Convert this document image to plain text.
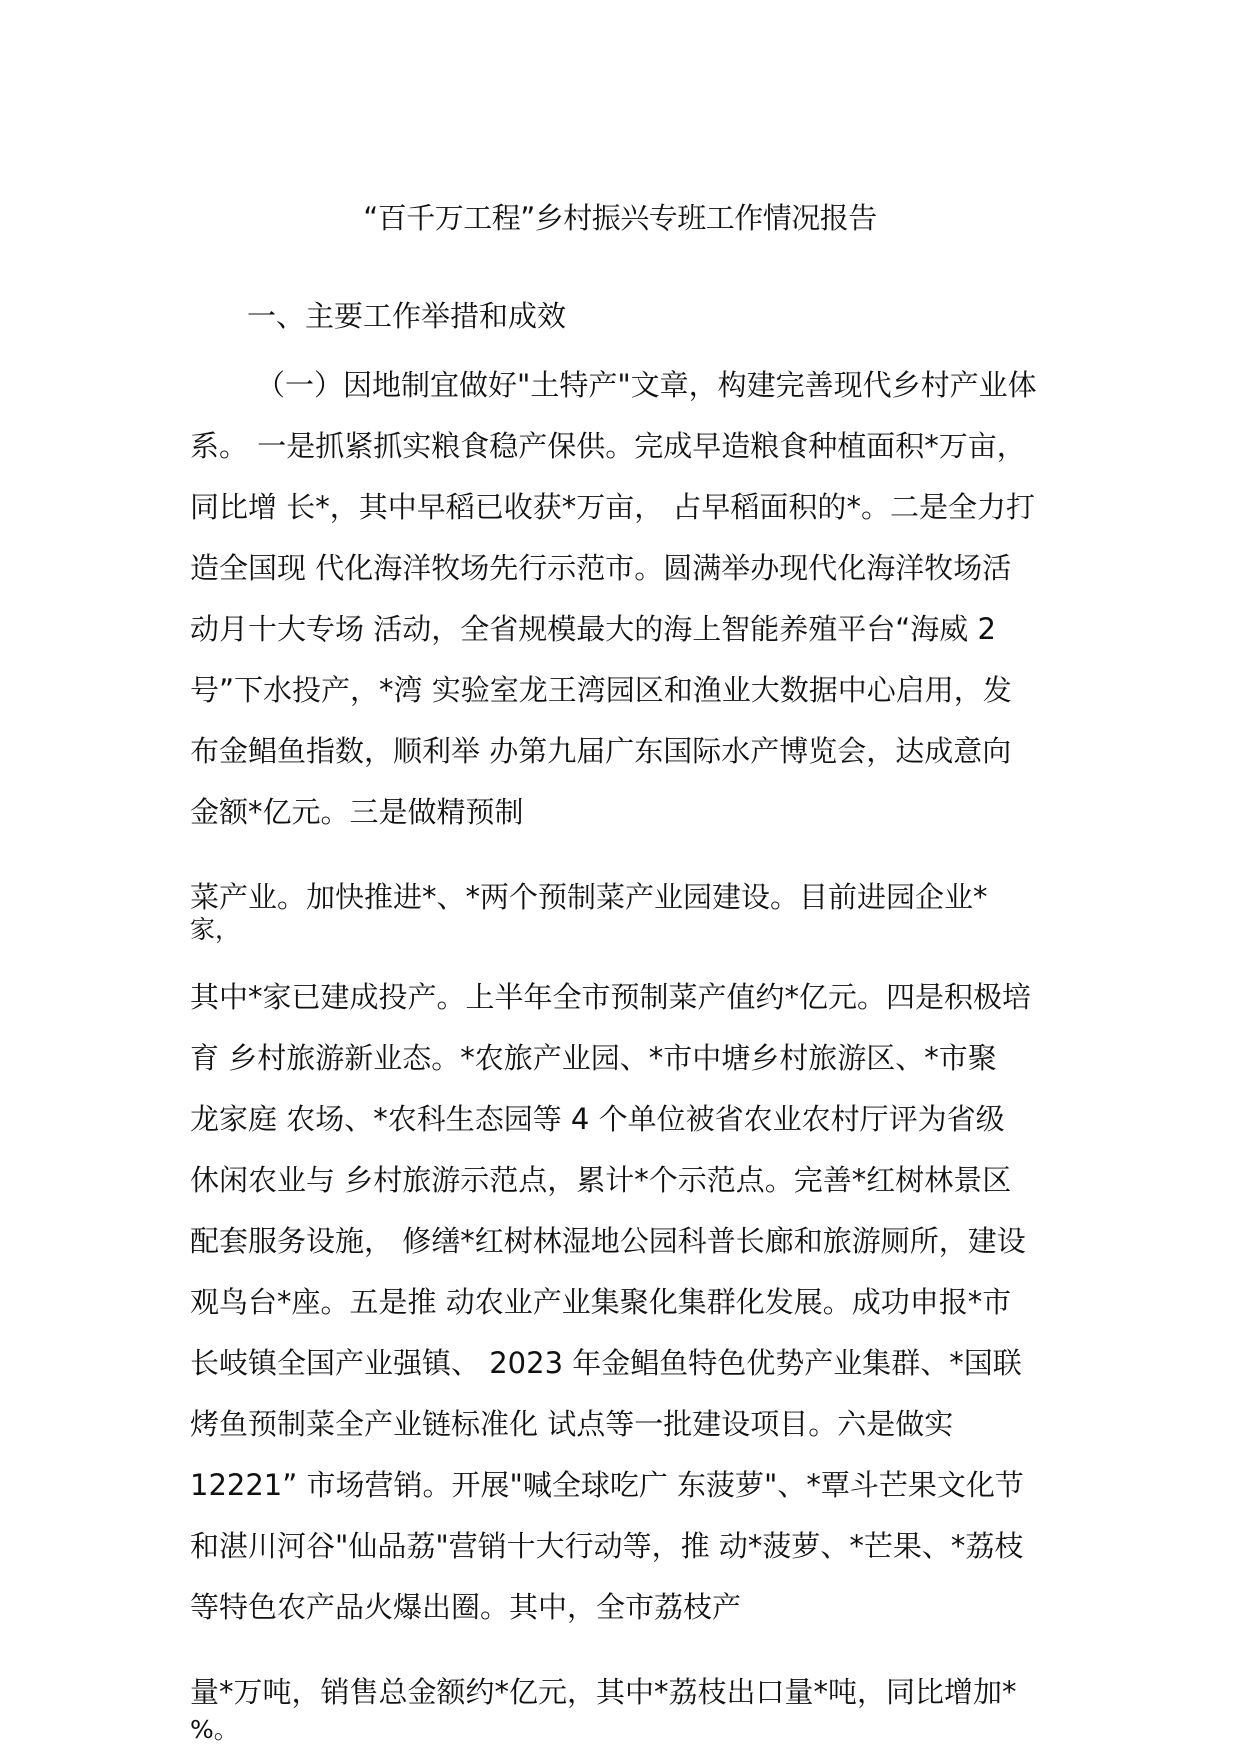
“百千万工程”乡村振兴专班工作情况报告
一、主要工作举措和成效
（一）因地制宜做好"土特产"文章，构建完善现代乡村产业体
系。 一是抓紧抓实粮食稳产保供。完成早造粮食种植面积*万亩，
同比增 长*，其中早稻已收获*万亩， 占早稻面积的*。二是全力打
造全国现 代化海洋牧场先行示范市。圆满举办现代化海洋牧场活
动月十大专场 活动，全省规模最大的海上智能养殖平台“海威 2
号”下水投产，*湾 实验室龙王湾园区和渔业大数据中心启用，发
布金鲳鱼指数，顺利举 办第九届广东国际水产博览会，达成意向
金额*亿元。三是做精预制
菜产业。加快推进*、*两个预制菜产业园建设。目前进园企业*
家，
其中*家已建成投产。上半年全市预制菜产值约*亿元。四是积极培
育 乡村旅游新业态。*农旅产业园、*市中塘乡村旅游区、*市聚
龙家庭 农场、*农科生态园等 4 个单位被省农业农村厅评为省级
休闲农业与 乡村旅游示范点，累计*个示范点。完善*红树林景区
配套服务设施， 修缮*红树林湿地公园科普长廊和旅游厕所，建设
观鸟台*座。五是推 动农业产业集聚化集群化发展。成功申报*市
长岐镇全国产业强镇、 2023 年金鲳鱼特色优势产业集群、*国联
烤鱼预制菜全产业链标准化 试点等一批建设项目。六是做实
12221” 市场营销。开展"喊全球吃广 东菠萝"、*覃斗芒果文化节
和湛川河谷"仙品荔"营销十大行动等，推 动*菠萝、*芒果、*荔枝
等特色农产品火爆出圈。其中，全市荔枝产
量*万吨，销售总金额约*亿元，其中*荔枝出口量*吨，同比增加*
%。
